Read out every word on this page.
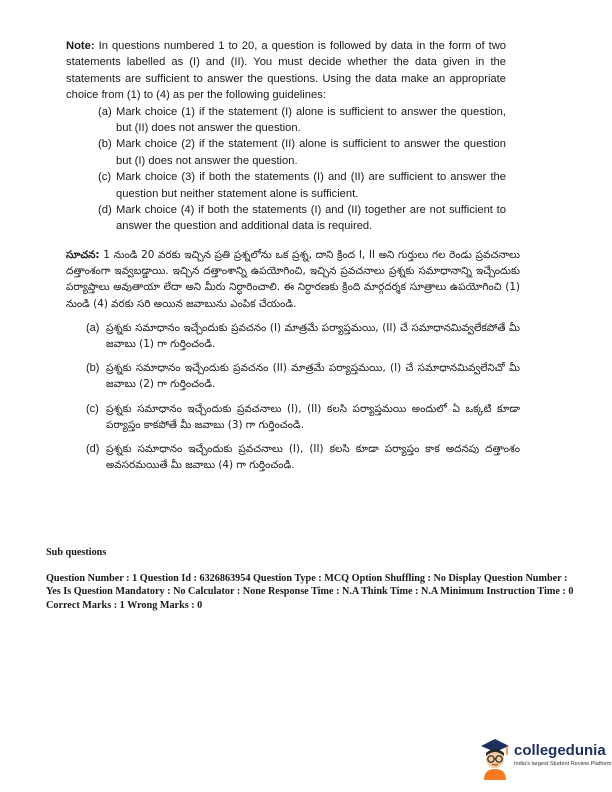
Note: In questions numbered 1 to 20, a question is followed by data in the form of two statements labelled as (I) and (II). You must decide whether the data given in the statements are sufficient to answer the questions. Using the data make an appropriate choice from (1) to (4) as per the following guidelines:

(a) Mark choice (1) if the statement (I) alone is sufficient to answer the question, but (II) does not answer the question.
(b) Mark choice (2) if the statement (II) alone is sufficient to answer the question but (I) does not answer the question.
(c) Mark choice (3) if both the statements (I) and (II) are sufficient to answer the question but neither statement alone is sufficient.
(d) Mark choice (4) if both the statements (I) and (II) together are not sufficient to answer the question and additional data is required.

సూచన: 1 నుండి 20 వరకు ఇచ్చిన ప్రతి ప్రశ్నలోను ఒక ప్రశ్న, దాని క్రింద I, II అని గుర్తులు గల రెండు ప్రవచనాలు దత్తాంశంగా ఇవ్వబడ్డాయి. ఇచ్చిన దత్తాంశాన్ని ఉపయోగించి, ఇచ్చిన ప్రవచనాలు ప్రశ్నకు సమాధానాన్ని ఇచ్చేందుకు పర్యాప్తాలు అవుతాయా లేదా అని మీరు నిర్ధారించాలి. ఈ నిర్ధారణకు క్రింది మార్గదర్శక సూత్రాలు ఉపయోగించి (1) నుండి (4) వరకు సరి అయిన జవాబును ఎంపిక చేయండి.

(a) ప్రశ్నకు సమాధానం ఇచ్చేందుకు ప్రవచనం (I) మాత్రమే పర్యాప్తమయి, (II) చే సమాధానమివ్వలేకపోతే మీ జవాబు (1) గా గుర్తించండి.
(b) ప్రశ్నకు సమాధానం ఇచ్చేందుకు ప్రవచనం (II) మాత్రమే పర్యాప్తమయి, (I) చే సమాధానమివ్వలేనిచో మీ జవాబు (2) గా గుర్తించండి.
(c) ప్రశ్నకు సమాధానం ఇచ్చేందుకు ప్రవచనాలు (I), (II) కలసి పర్యాప్తమయి అందులో ఏ ఒక్కటి కూడా పర్యాప్తం కాకపోతే మీ జవాబు (3) గా గుర్తించండి.
(d) ప్రశ్నకు సమాధానం ఇచ్చేందుకు ప్రవచనాలు (I), (II) కలసి కూడా పర్యాప్తం కాక అదనపు దత్తాంశం అవసరమయితే మీ జవాబు (4) గా గుర్తించండి.

Sub questions

Question Number : 1 Question Id : 6326863954 Question Type : MCQ Option Shuffling : No Display Question Number : Yes Is Question Mandatory : No Calculator : None Response Time : N.A Think Time : N.A Minimum Instruction Time : 0

Correct Marks : 1 Wrong Marks : 0

collegedunia
India's largest Student Review Platform
